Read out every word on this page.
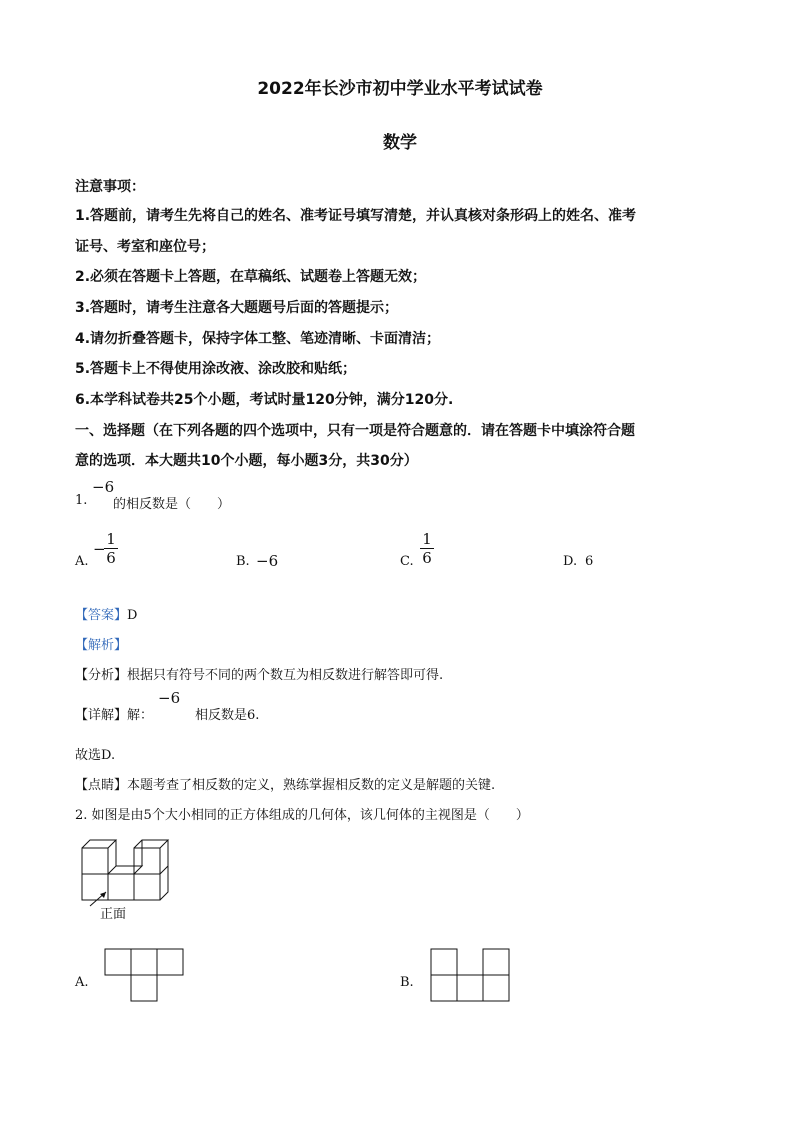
2022年长沙市初中学业水平考试试卷
数学
注意事项：
1.答题前，请考生先将自己的姓名、准考证号填写清楚，并认真核对条形码上的姓名、准考
证号、考室和座位号；
2.必须在答题卡上答题，在草稿纸、试题卷上答题无效；
3.答题时，请考生注意各大题题号后面的答题提示；
4.请勿折叠答题卡，保持字体工整、笔迹清晰、卡面清洁；
5.答题卡上不得使用涂改液、涂改胶和贴纸；
6.本学科试卷共25个小题，考试时量120分钟，满分120分.
一、选择题（在下列各题的四个选项中，只有一项是符合题意的．请在答题卡中填涂符合题
意的选项．本大题共10个小题，每小题3分，共30分）
1.
−6
的相反数是（　　）
A.
−
1
6	B. −6	C.
1
6	D. 6
【答案】D
【解析】
【分析】根据只有符号不同的两个数互为相反数进行解答即可得.
【详解】解：
−6
相反数是6.
故选D.
【点睛】本题考查了相反数的定义，熟练掌握相反数的定义是解题的关键.
2. 如图是由5个大小相同的正方体组成的几何体，该几何体的主视图是（　　）
正面
A.	B.
